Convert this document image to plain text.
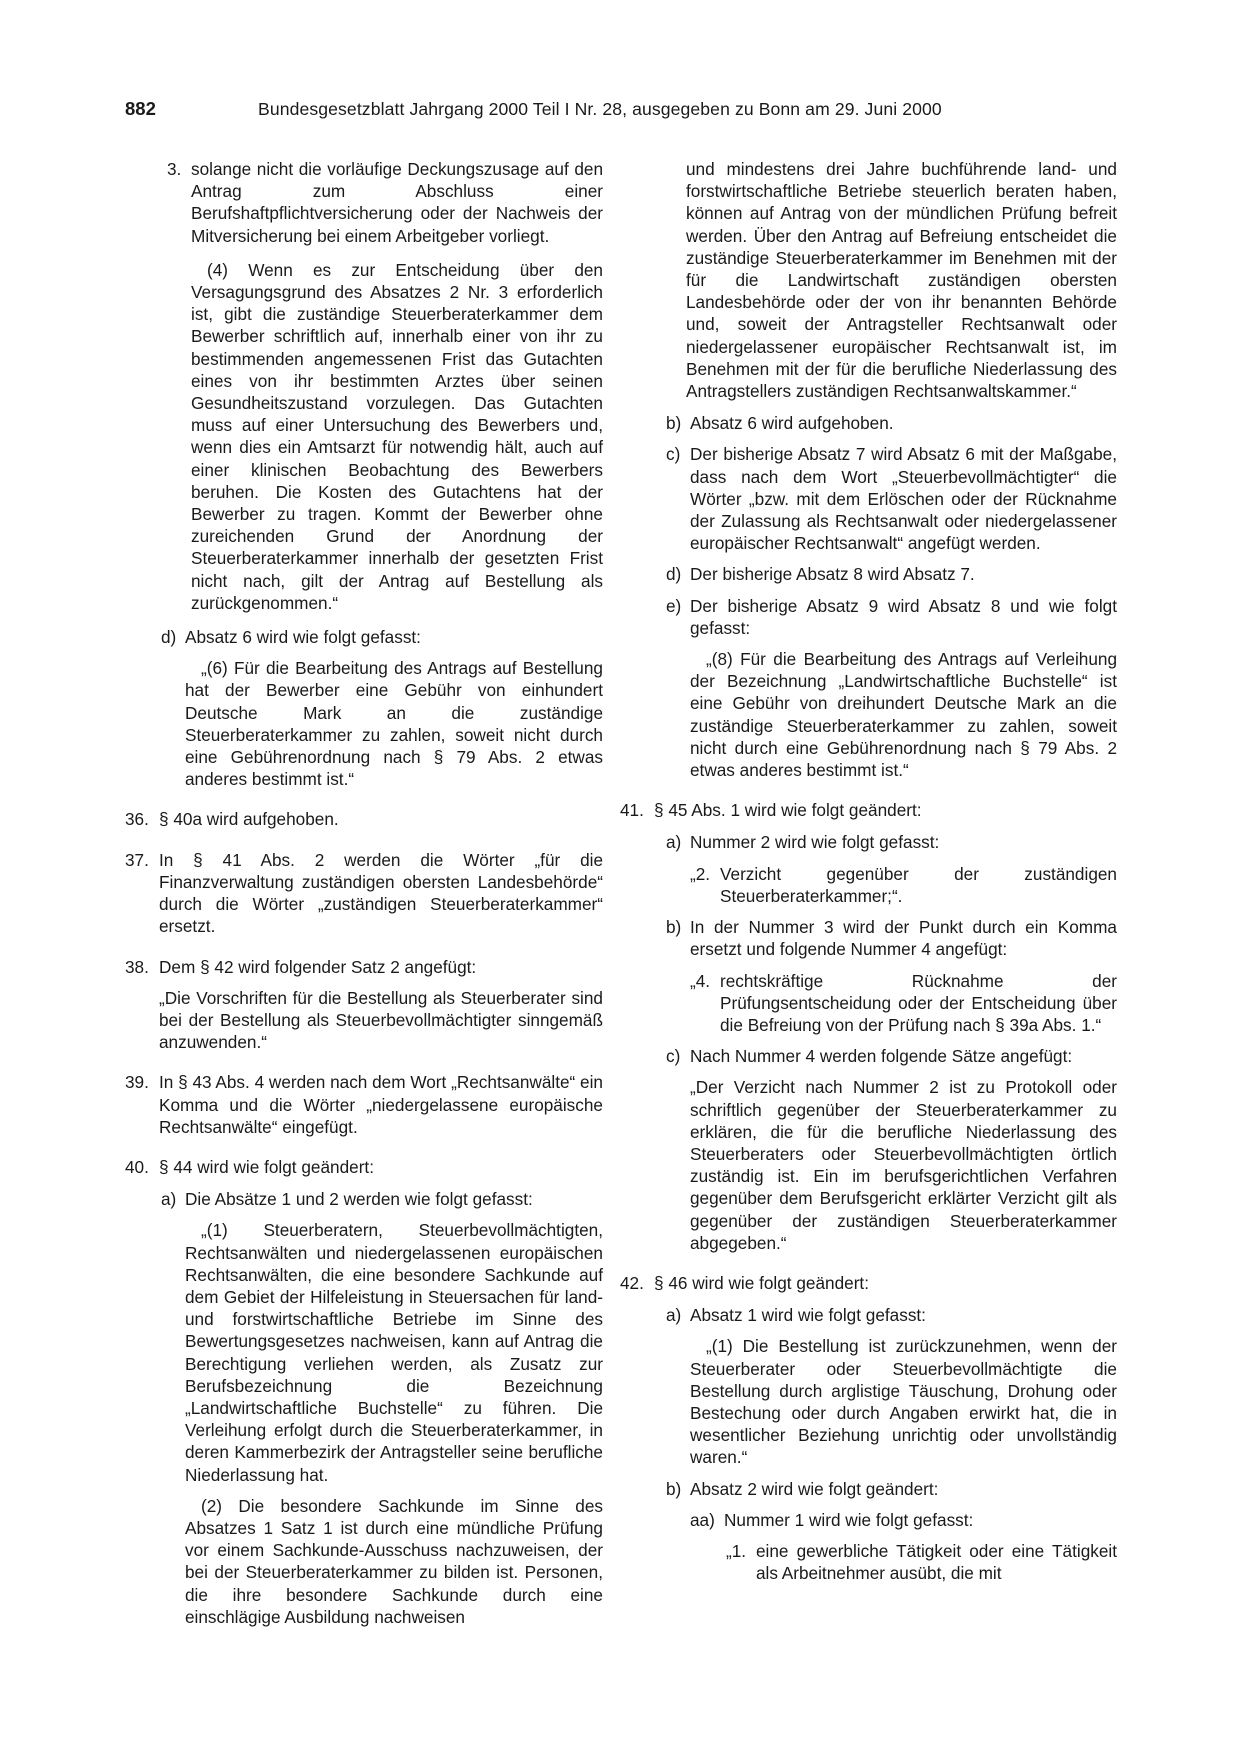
882	Bundesgesetzblatt Jahrgang 2000 Teil I Nr. 28, ausgegeben zu Bonn am 29. Juni 2000
3. solange nicht die vorläufige Deckungszusage auf den Antrag zum Abschluss einer Berufshaftpflichtversicherung oder der Nachweis der Mitversicherung bei einem Arbeitgeber vorliegt.

(4) Wenn es zur Entscheidung über den Versagungsgrund des Absatzes 2 Nr. 3 erforderlich ist, gibt die zuständige Steuerberaterkammer dem Bewerber schriftlich auf, innerhalb einer von ihr zu bestimmenden angemessenen Frist das Gutachten eines von ihr bestimmten Arztes über seinen Gesundheitszustand vorzulegen. Das Gutachten muss auf einer Untersuchung des Bewerbers und, wenn dies ein Amtsarzt für notwendig hält, auch auf einer klinischen Beobachtung des Bewerbers beruhen. Die Kosten des Gutachtens hat der Bewerber zu tragen. Kommt der Bewerber ohne zureichenden Grund der Anordnung der Steuerberaterkammer innerhalb der gesetzten Frist nicht nach, gilt der Antrag auf Bestellung als zurückgenommen.“

d) Absatz 6 wird wie folgt gefasst:

„(6) Für die Bearbeitung des Antrags auf Bestellung hat der Bewerber eine Gebühr von einhundert Deutsche Mark an die zuständige Steuerberaterkammer zu zahlen, soweit nicht durch eine Gebührenordnung nach § 79 Abs. 2 etwas anderes bestimmt ist.“

36. § 40a wird aufgehoben.

37. In § 41 Abs. 2 werden die Wörter „für die Finanzverwaltung zuständigen obersten Landesbehörde“ durch die Wörter „zuständigen Steuerberaterkammer“ ersetzt.

38. Dem § 42 wird folgender Satz 2 angefügt:

„Die Vorschriften für die Bestellung als Steuerberater sind bei der Bestellung als Steuerbevollmächtigter sinngemäß anzuwenden.“

39. In § 43 Abs. 4 werden nach dem Wort „Rechtsanwälte“ ein Komma und die Wörter „niedergelassene europäische Rechtsanwälte“ eingefügt.

40. § 44 wird wie folgt geändert:

a) Die Absätze 1 und 2 werden wie folgt gefasst:

„(1) Steuerberatern, Steuerbevollmächtigten, Rechtsanwälten und niedergelassenen europäischen Rechtsanwälten, die eine besondere Sachkunde auf dem Gebiet der Hilfeleistung in Steuersachen für land- und forstwirtschaftliche Betriebe im Sinne des Bewertungsgesetzes nachweisen, kann auf Antrag die Berechtigung verliehen werden, als Zusatz zur Berufsbezeichnung die Bezeichnung „Landwirtschaftliche Buchstelle“ zu führen. Die Verleihung erfolgt durch die Steuerberaterkammer, in deren Kammerbezirk der Antragsteller seine berufliche Niederlassung hat.

(2) Die besondere Sachkunde im Sinne des Absatzes 1 Satz 1 ist durch eine mündliche Prüfung vor einem Sachkunde-Ausschuss nachzuweisen, der bei der Steuerberaterkammer zu bilden ist. Personen, die ihre besondere Sachkunde durch eine einschlägige Ausbildung nachweisen

und mindestens drei Jahre buchführende land- und forstwirtschaftliche Betriebe steuerlich beraten haben, können auf Antrag von der mündlichen Prüfung befreit werden. Über den Antrag auf Befreiung entscheidet die zuständige Steuerberaterkammer im Benehmen mit der für die Landwirtschaft zuständigen obersten Landesbehörde oder der von ihr benannten Behörde und, soweit der Antragsteller Rechtsanwalt oder niedergelassener europäischer Rechtsanwalt ist, im Benehmen mit der für die berufliche Niederlassung des Antragstellers zuständigen Rechtsanwaltskammer.“

b) Absatz 6 wird aufgehoben.

c) Der bisherige Absatz 7 wird Absatz 6 mit der Maßgabe, dass nach dem Wort „Steuerbevollmächtigter“ die Wörter „bzw. mit dem Erlöschen oder der Rücknahme der Zulassung als Rechtsanwalt oder niedergelassener europäischer Rechtsanwalt“ angefügt werden.

d) Der bisherige Absatz 8 wird Absatz 7.

e) Der bisherige Absatz 9 wird Absatz 8 und wie folgt gefasst:

„(8) Für die Bearbeitung des Antrags auf Verleihung der Bezeichnung „Landwirtschaftliche Buchstelle“ ist eine Gebühr von dreihundert Deutsche Mark an die zuständige Steuerberaterkammer zu zahlen, soweit nicht durch eine Gebührenordnung nach § 79 Abs. 2 etwas anderes bestimmt ist.“

41. § 45 Abs. 1 wird wie folgt geändert:

a) Nummer 2 wird wie folgt gefasst:

„2. Verzicht gegenüber der zuständigen Steuerberaterkammer;“.

b) In der Nummer 3 wird der Punkt durch ein Komma ersetzt und folgende Nummer 4 angefügt:

„4. rechtskräftige Rücknahme der Prüfungsentscheidung oder der Entscheidung über die Befreiung von der Prüfung nach § 39a Abs. 1.“

c) Nach Nummer 4 werden folgende Sätze angefügt:

„Der Verzicht nach Nummer 2 ist zu Protokoll oder schriftlich gegenüber der Steuerberaterkammer zu erklären, die für die berufliche Niederlassung des Steuerberaters oder Steuerbevollmächtigten örtlich zuständig ist. Ein im berufsgerichtlichen Verfahren gegenüber dem Berufsgericht erklärter Verzicht gilt als gegenüber der zuständigen Steuerberaterkammer abgegeben.“

42. § 46 wird wie folgt geändert:

a) Absatz 1 wird wie folgt gefasst:

„(1) Die Bestellung ist zurückzunehmen, wenn der Steuerberater oder Steuerbevollmächtigte die Bestellung durch arglistige Täuschung, Drohung oder Bestechung oder durch Angaben erwirkt hat, die in wesentlicher Beziehung unrichtig oder unvollständig waren.“

b) Absatz 2 wird wie folgt geändert:

aa) Nummer 1 wird wie folgt gefasst:

„1. eine gewerbliche Tätigkeit oder eine Tätigkeit als Arbeitnehmer ausübt, die mit
